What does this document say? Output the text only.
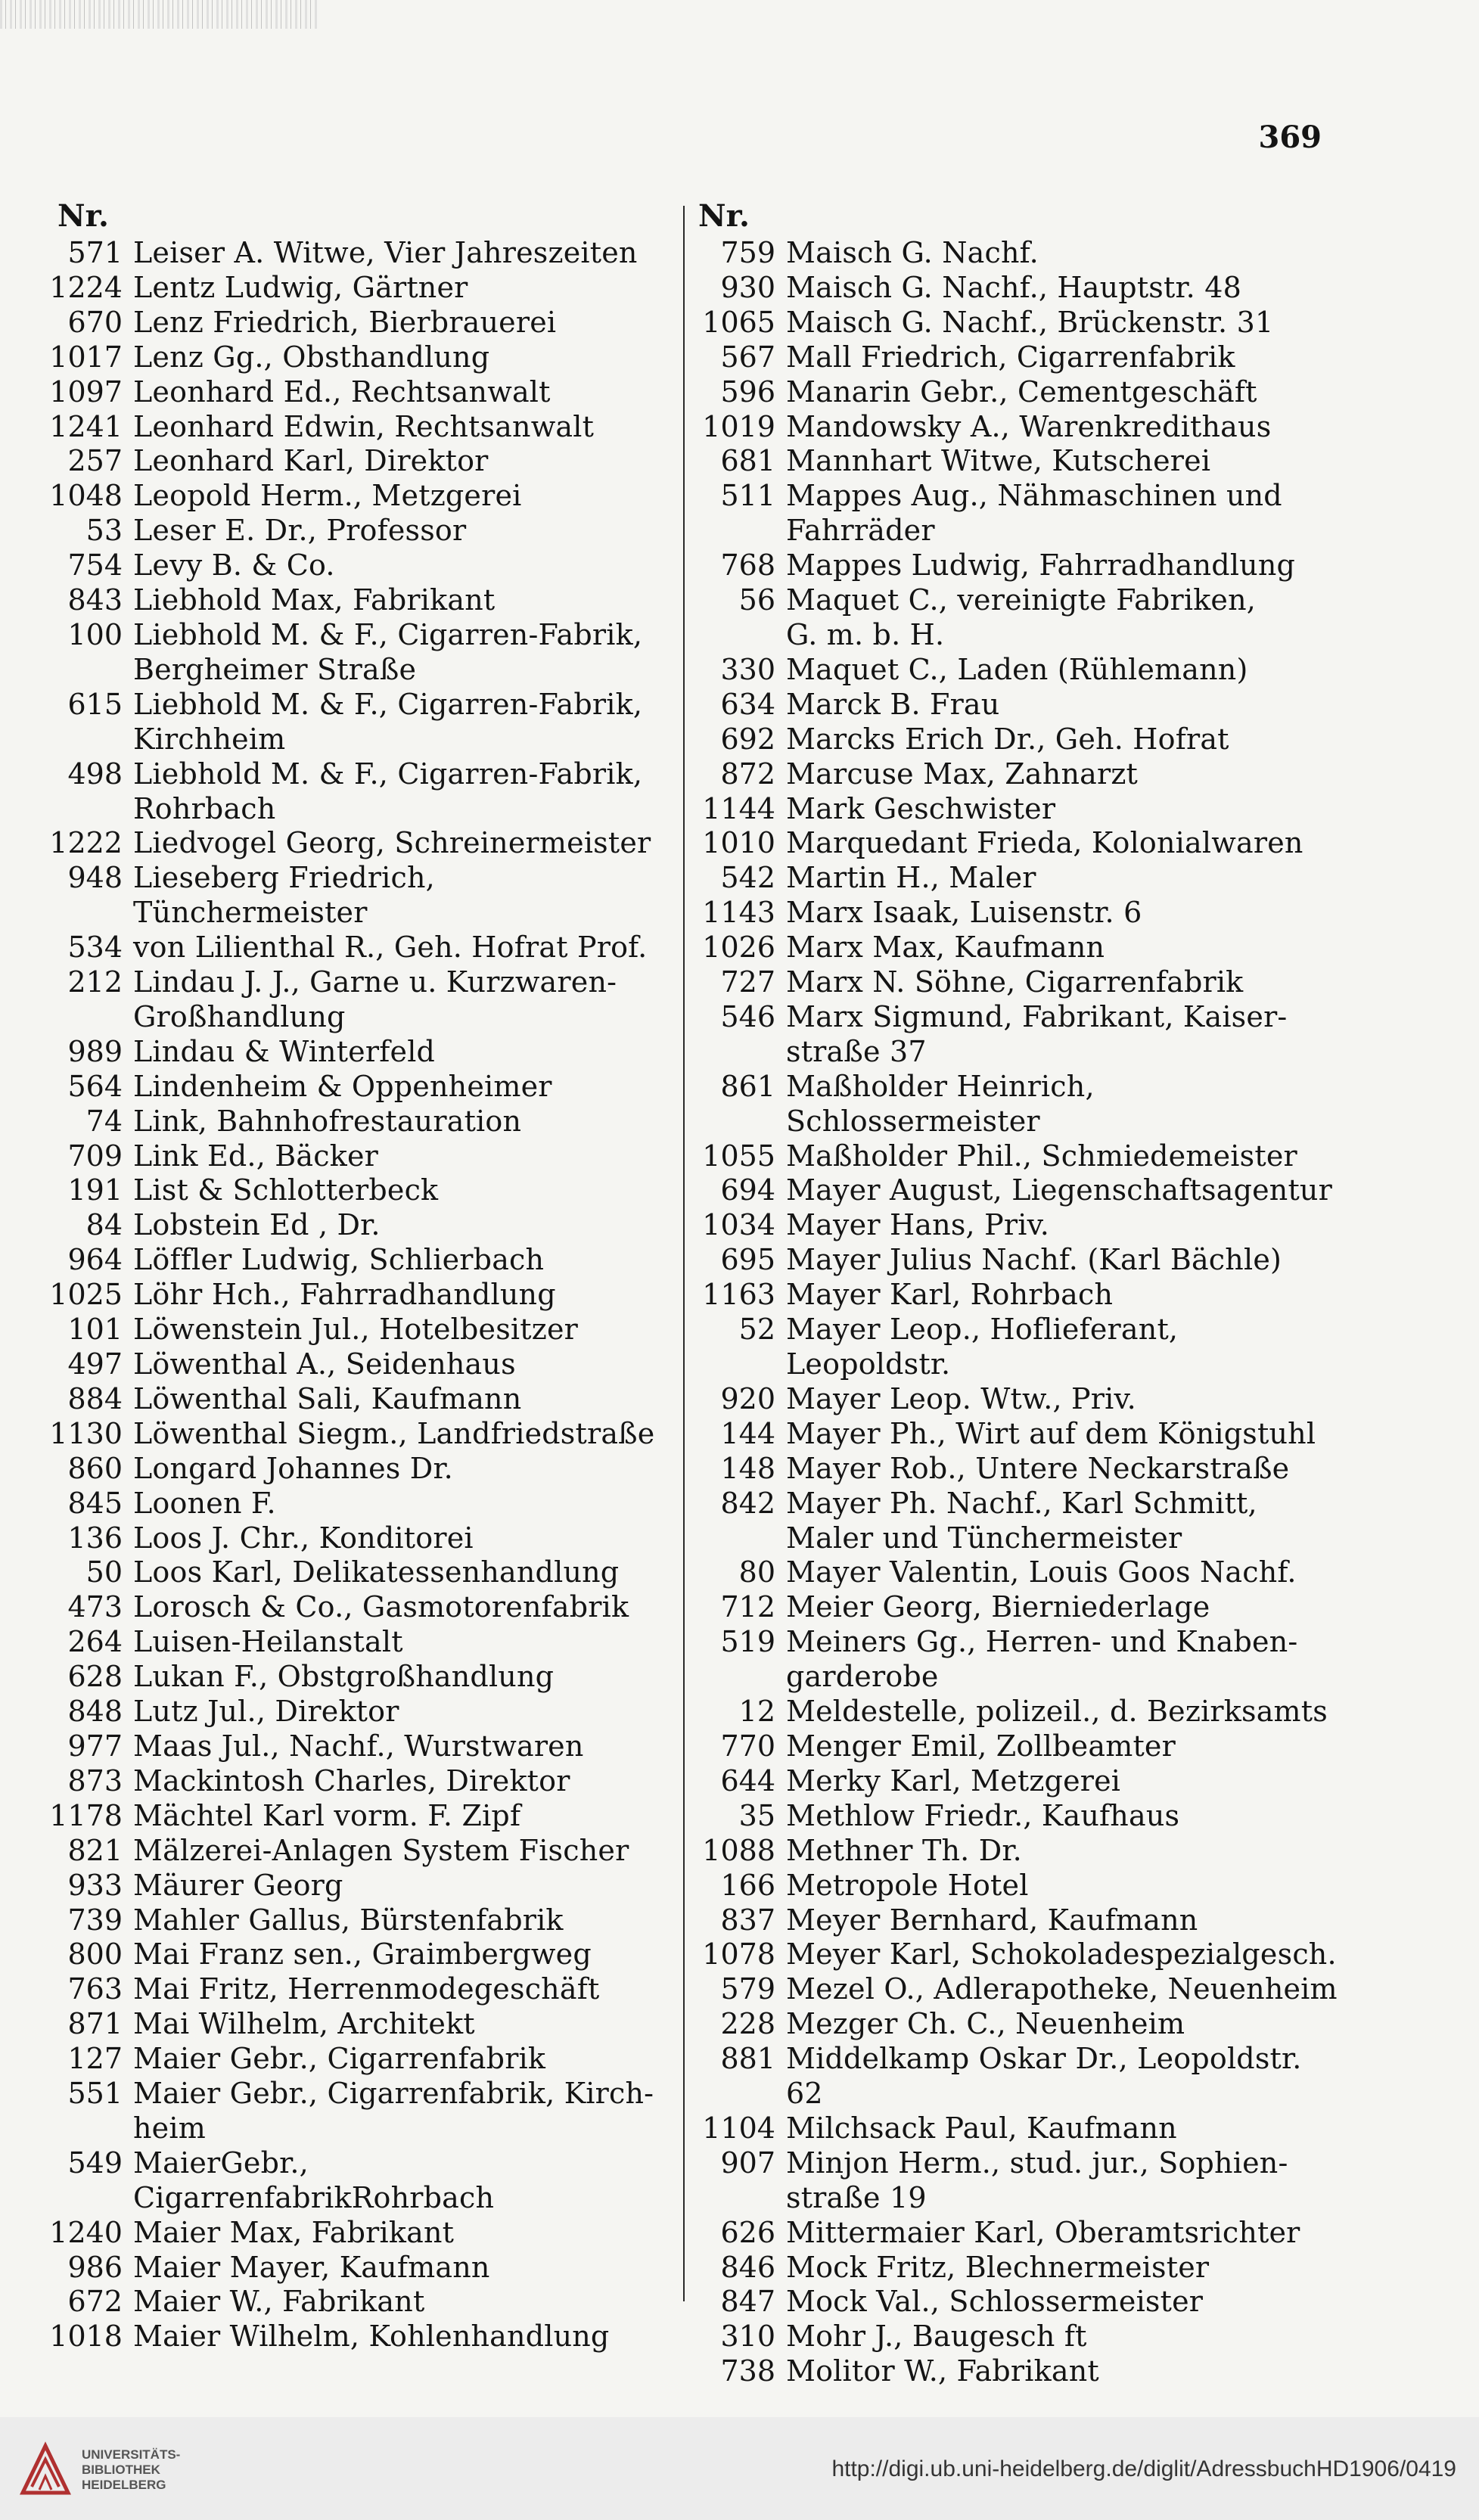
369
Nr.
571 Leiser A. Witwe, Vier Jahreszeiten
1224 Lentz Ludwig, Gärtner
670 Lenz Friedrich, Bierbrauerei
1017 Lenz Gg., Obsthandlung
1097 Leonhard Ed., Rechtsanwalt
1241 Leonhard Edwin, Rechtsanwalt
257 Leonhard Karl, Direktor
1048 Leopold Herm., Metzgerei
53 Leser E. Dr., Professor
754 Levy B. & Co.
843 Liebhold Max, Fabrikant
100 Liebhold M. & F., Cigarren-Fabrik,
Bergheimer Straße
615 Liebhold M. & F., Cigarren-Fabrik,
Kirchheim
498 Liebhold M. & F., Cigarren-Fabrik,
Rohrbach
1222 Liedvogel Georg, Schreinermeister
948 Lieseberg Friedrich, Tünchermeister
534 von Lilienthal R., Geh. Hofrat Prof.
212 Lindau J. J., Garne u. Kurzwaren-
Großhandlung
989 Lindau & Winterfeld
564 Lindenheim & Oppenheimer
74 Link, Bahnhofrestauration
709 Link Ed., Bäcker
191 List & Schlotterbeck
84 Lobstein Ed , Dr.
964 Löffler Ludwig, Schlierbach
1025 Löhr Hch., Fahrradhandlung
101 Löwenstein Jul., Hotelbesitzer
497 Löwenthal A., Seidenhaus
884 Löwenthal Sali, Kaufmann
1130 Löwenthal Siegm., Landfriedstraße
860 Longard Johannes Dr.
845 Loonen F.
136 Loos J. Chr., Konditorei
50 Loos Karl, Delikatessenhandlung
473 Lorosch & Co., Gasmotorenfabrik
264 Luisen-Heilanstalt
628 Lukan F., Obstgroßhandlung
848 Lutz Jul., Direktor
977 Maas Jul., Nachf., Wurstwaren
873 Mackintosh Charles, Direktor
1178 Mächtel Karl vorm. F. Zipf
821 Mälzerei-Anlagen System Fischer
933 Mäurer Georg
739 Mahler Gallus, Bürstenfabrik
800 Mai Franz sen., Graimbergweg
763 Mai Fritz, Herrenmodegeschäft
871 Mai Wilhelm, Architekt
127 Maier Gebr., Cigarrenfabrik
551 Maier Gebr., Cigarrenfabrik, Kirch-
heim
549 MaierGebr., CigarrenfabrikRohrbach
1240 Maier Max, Fabrikant
986 Maier Mayer, Kaufmann
672 Maier W., Fabrikant
1018 Maier Wilhelm, Kohlenhandlung
Nr.
759 Maisch G. Nachf.
930 Maisch G. Nachf., Hauptstr. 48
1065 Maisch G. Nachf., Brückenstr. 31
567 Mall Friedrich, Cigarrenfabrik
596 Manarin Gebr., Cementgeschäft
1019 Mandowsky A., Warenkredithaus
681 Mannhart Witwe, Kutscherei
511 Mappes Aug., Nähmaschinen und
Fahrräder
768 Mappes Ludwig, Fahrradhandlung
56 Maquet C., vereinigte Fabriken,
G. m. b. H.
330 Maquet C., Laden (Rühlemann)
634 Marck B. Frau
692 Marcks Erich Dr., Geh. Hofrat
872 Marcuse Max, Zahnarzt
1144 Mark Geschwister
1010 Marquedant Frieda, Kolonialwaren
542 Martin H., Maler
1143 Marx Isaak, Luisenstr. 6
1026 Marx Max, Kaufmann
727 Marx N. Söhne, Cigarrenfabrik
546 Marx Sigmund, Fabrikant, Kaiser-
straße 37
861 Maßholder Heinrich, Schlossermeister
1055 Maßholder Phil., Schmiedemeister
694 Mayer August, Liegenschaftsagentur
1034 Mayer Hans, Priv.
695 Mayer Julius Nachf. (Karl Bächle)
1163 Mayer Karl, Rohrbach
52 Mayer Leop., Hoflieferant, Leopoldstr.
920 Mayer Leop. Wtw., Priv.
144 Mayer Ph., Wirt auf dem Königstuhl
148 Mayer Rob., Untere Neckarstraße
842 Mayer Ph. Nachf., Karl Schmitt,
Maler und Tünchermeister
80 Mayer Valentin, Louis Goos Nachf.
712 Meier Georg, Bierniederlage
519 Meiners Gg., Herren- und Knaben-
garderobe
12 Meldestelle, polizeil., d. Bezirksamts
770 Menger Emil, Zollbeamter
644 Merky Karl, Metzgerei
35 Methlow Friedr., Kaufhaus
1088 Methner Th. Dr.
166 Metropole Hotel
837 Meyer Bernhard, Kaufmann
1078 Meyer Karl, Schokoladespezialgesch.
579 Mezel O., Adlerapotheke, Neuenheim
228 Mezger Ch. C., Neuenheim
881 Middelkamp Oskar Dr., Leopoldstr. 62
1104 Milchsack Paul, Kaufmann
907 Minjon Herm., stud. jur., Sophien-
straße 19
626 Mittermaier Karl, Oberamtsrichter
846 Mock Fritz, Blechnermeister
847 Mock Val., Schlossermeister
310 Mohr J., Baugesch ft
738 Molitor W., Fabrikant
UNIVERSITÄTS-
BIBLIOTHEK
HEIDELBERG
http://digi.ub.uni-heidelberg.de/diglit/AdressbuchHD1906/0419
